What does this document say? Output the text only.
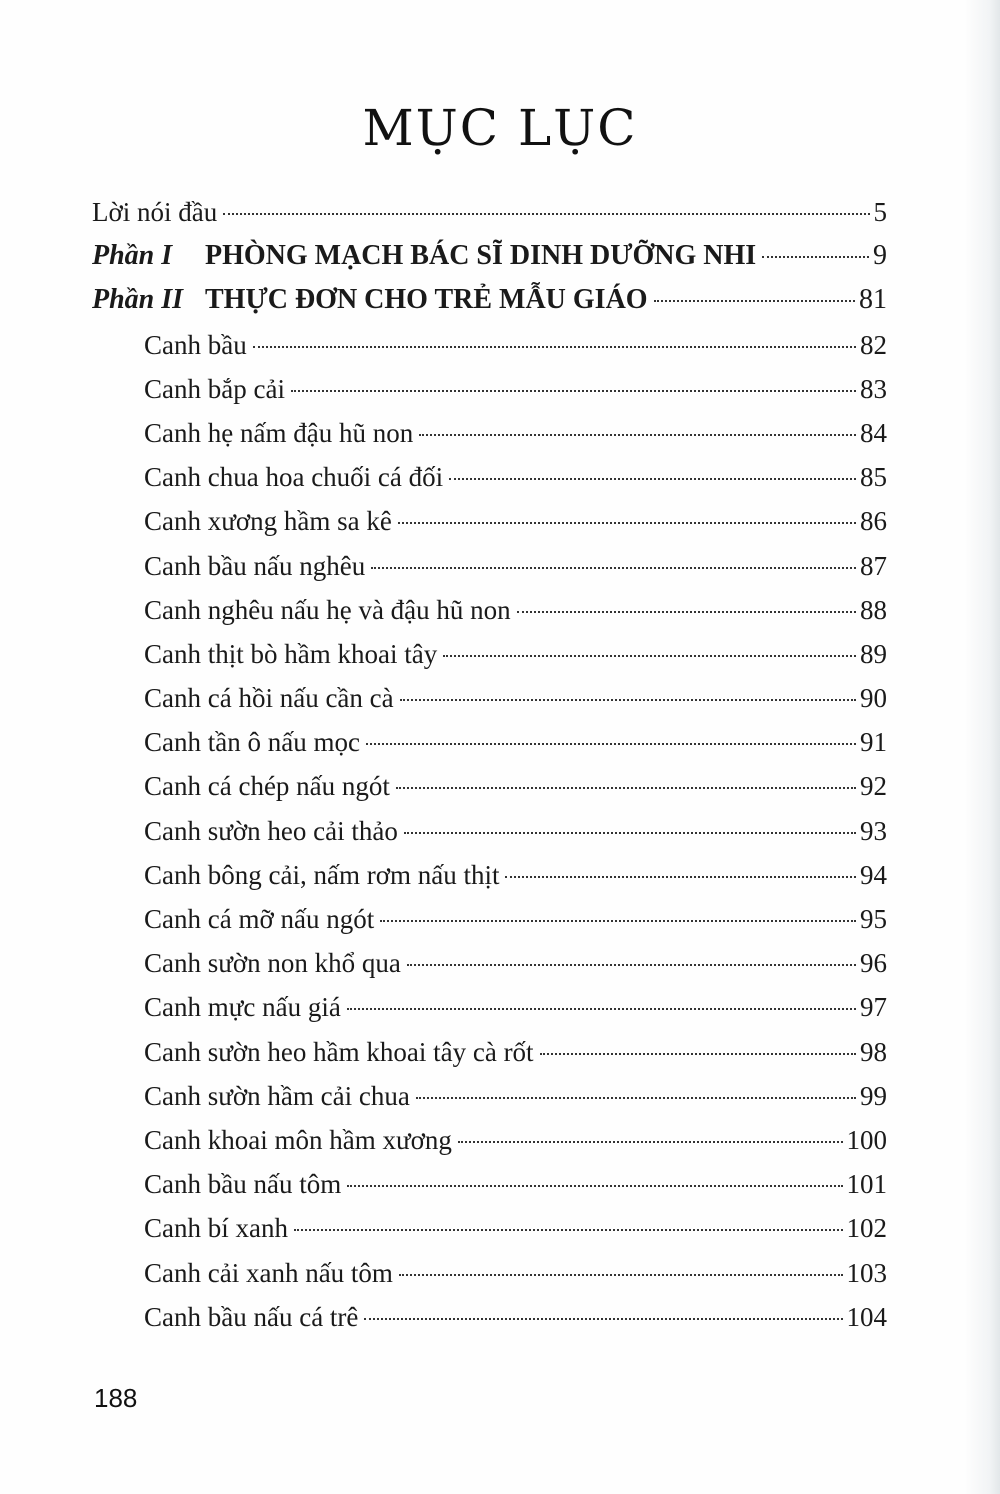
MỤC LỤC
Lời nói đầu	5
Phần I	PHÒNG MẠCH BÁC SĨ DINH DƯỠNG NHI	9
Phần II THỰC ĐƠN CHO TRẺ MẪU GIÁO	81
Canh bầu	82
Canh bắp cải	83
Canh hẹ nấm đậu hũ non	84
Canh chua hoa chuối cá đối	85
Canh xương hầm sa kê	86
Canh bầu nấu nghêu	87
Canh nghêu nấu hẹ và đậu hũ non	88
Canh thịt bò hầm khoai tây	89
Canh cá hồi nấu cần cà	90
Canh tần ô nấu mọc	91
Canh cá chép nấu ngót	92
Canh sườn heo cải thảo	93
Canh bông cải, nấm rơm nấu thịt	94
Canh cá mỡ nấu ngót	95
Canh sườn non khổ qua	96
Canh mực nấu giá	97
Canh sườn heo hầm khoai tây cà rốt	98
Canh sườn hầm cải chua	99
Canh khoai môn hầm xương	100
Canh bầu nấu tôm	101
Canh bí xanh	102
Canh cải xanh nấu tôm	103
Canh bầu nấu cá trê	104
188
